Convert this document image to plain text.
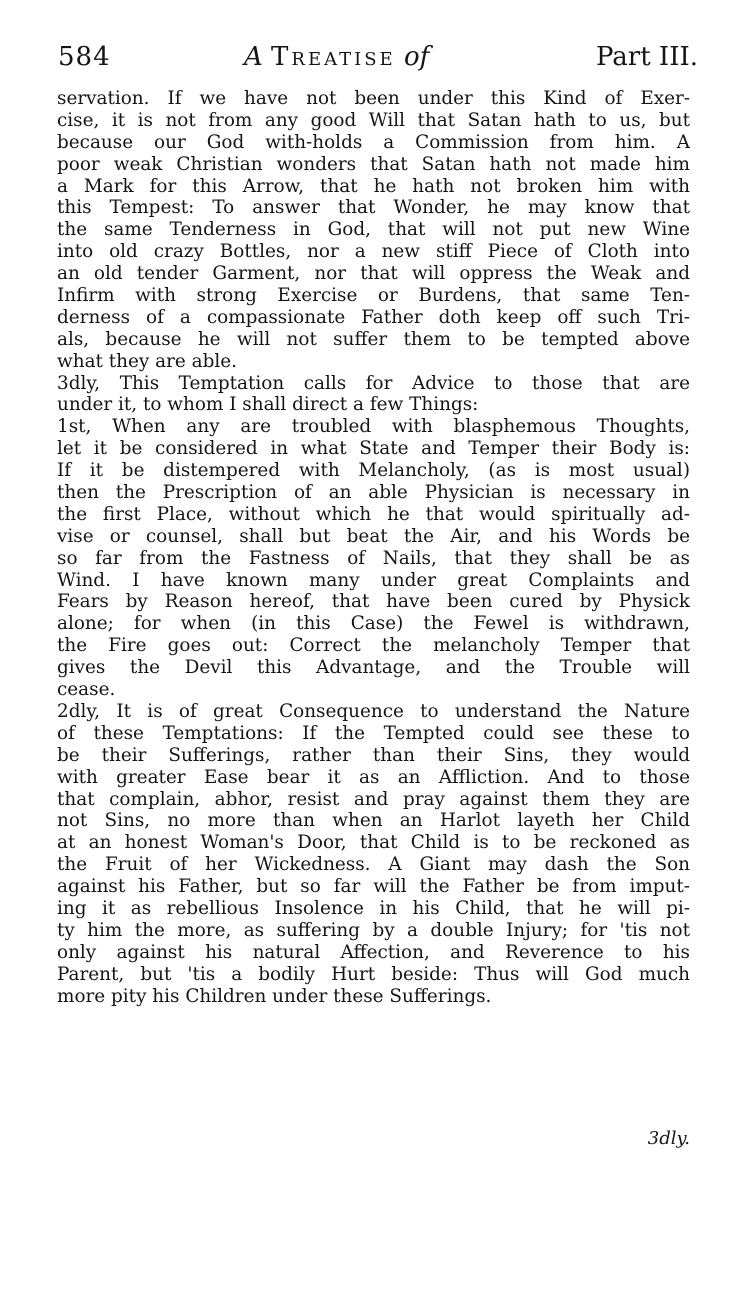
584	A Treatise of	Part III.
servation. If we have not been under this Kind of Exer-
cise, it is not from any good Will that Satan hath to us, but
because our God with-holds a Commission from him. A
poor weak Christian wonders that Satan hath not made him
a Mark for this Arrow, that he hath not broken him with
this Tempest: To answer that Wonder, he may know that
the same Tenderness in God, that will not put new Wine
into old crazy Bottles, nor a new stiff Piece of Cloth into
an old tender Garment, nor that will oppress the Weak and
Infirm with strong Exercise or Burdens, that same Ten-
derness of a compassionate Father doth keep off such Tri-
als, because he will not suffer them to be tempted above
what they are able.
3dly, This Temptation calls for Advice to those that are
under it, to whom I shall direct a few Things:
1st, When any are troubled with blasphemous Thoughts,
let it be considered in what State and Temper their Body is:
If it be distempered with Melancholy, (as is most usual)
then the Prescription of an able Physician is necessary in
the first Place, without which he that would spiritually ad-
vise or counsel, shall but beat the Air, and his Words be
so far from the Fastness of Nails, that they shall be as
Wind. I have known many under great Complaints and
Fears by Reason hereof, that have been cured by Physick
alone; for when (in this Case) the Fewel is withdrawn,
the Fire goes out: Correct the melancholy Temper that
gives the Devil this Advantage, and the Trouble will
cease.
2dly, It is of great Consequence to understand the Nature
of these Temptations: If the Tempted could see these to
be their Sufferings, rather than their Sins, they would
with greater Ease bear it as an Affliction. And to those
that complain, abhor, resist and pray against them they are
not Sins, no more than when an Harlot layeth her Child
at an honest Woman's Door, that Child is to be reckoned as
the Fruit of her Wickedness. A Giant may dash the Son
against his Father, but so far will the Father be from imput-
ing it as rebellious Insolence in his Child, that he will pi-
ty him the more, as suffering by a double Injury; for 'tis not
only against his natural Affection, and Reverence to his
Parent, but 'tis a bodily Hurt beside: Thus will God much
more pity his Children under these Sufferings.
3dly.
